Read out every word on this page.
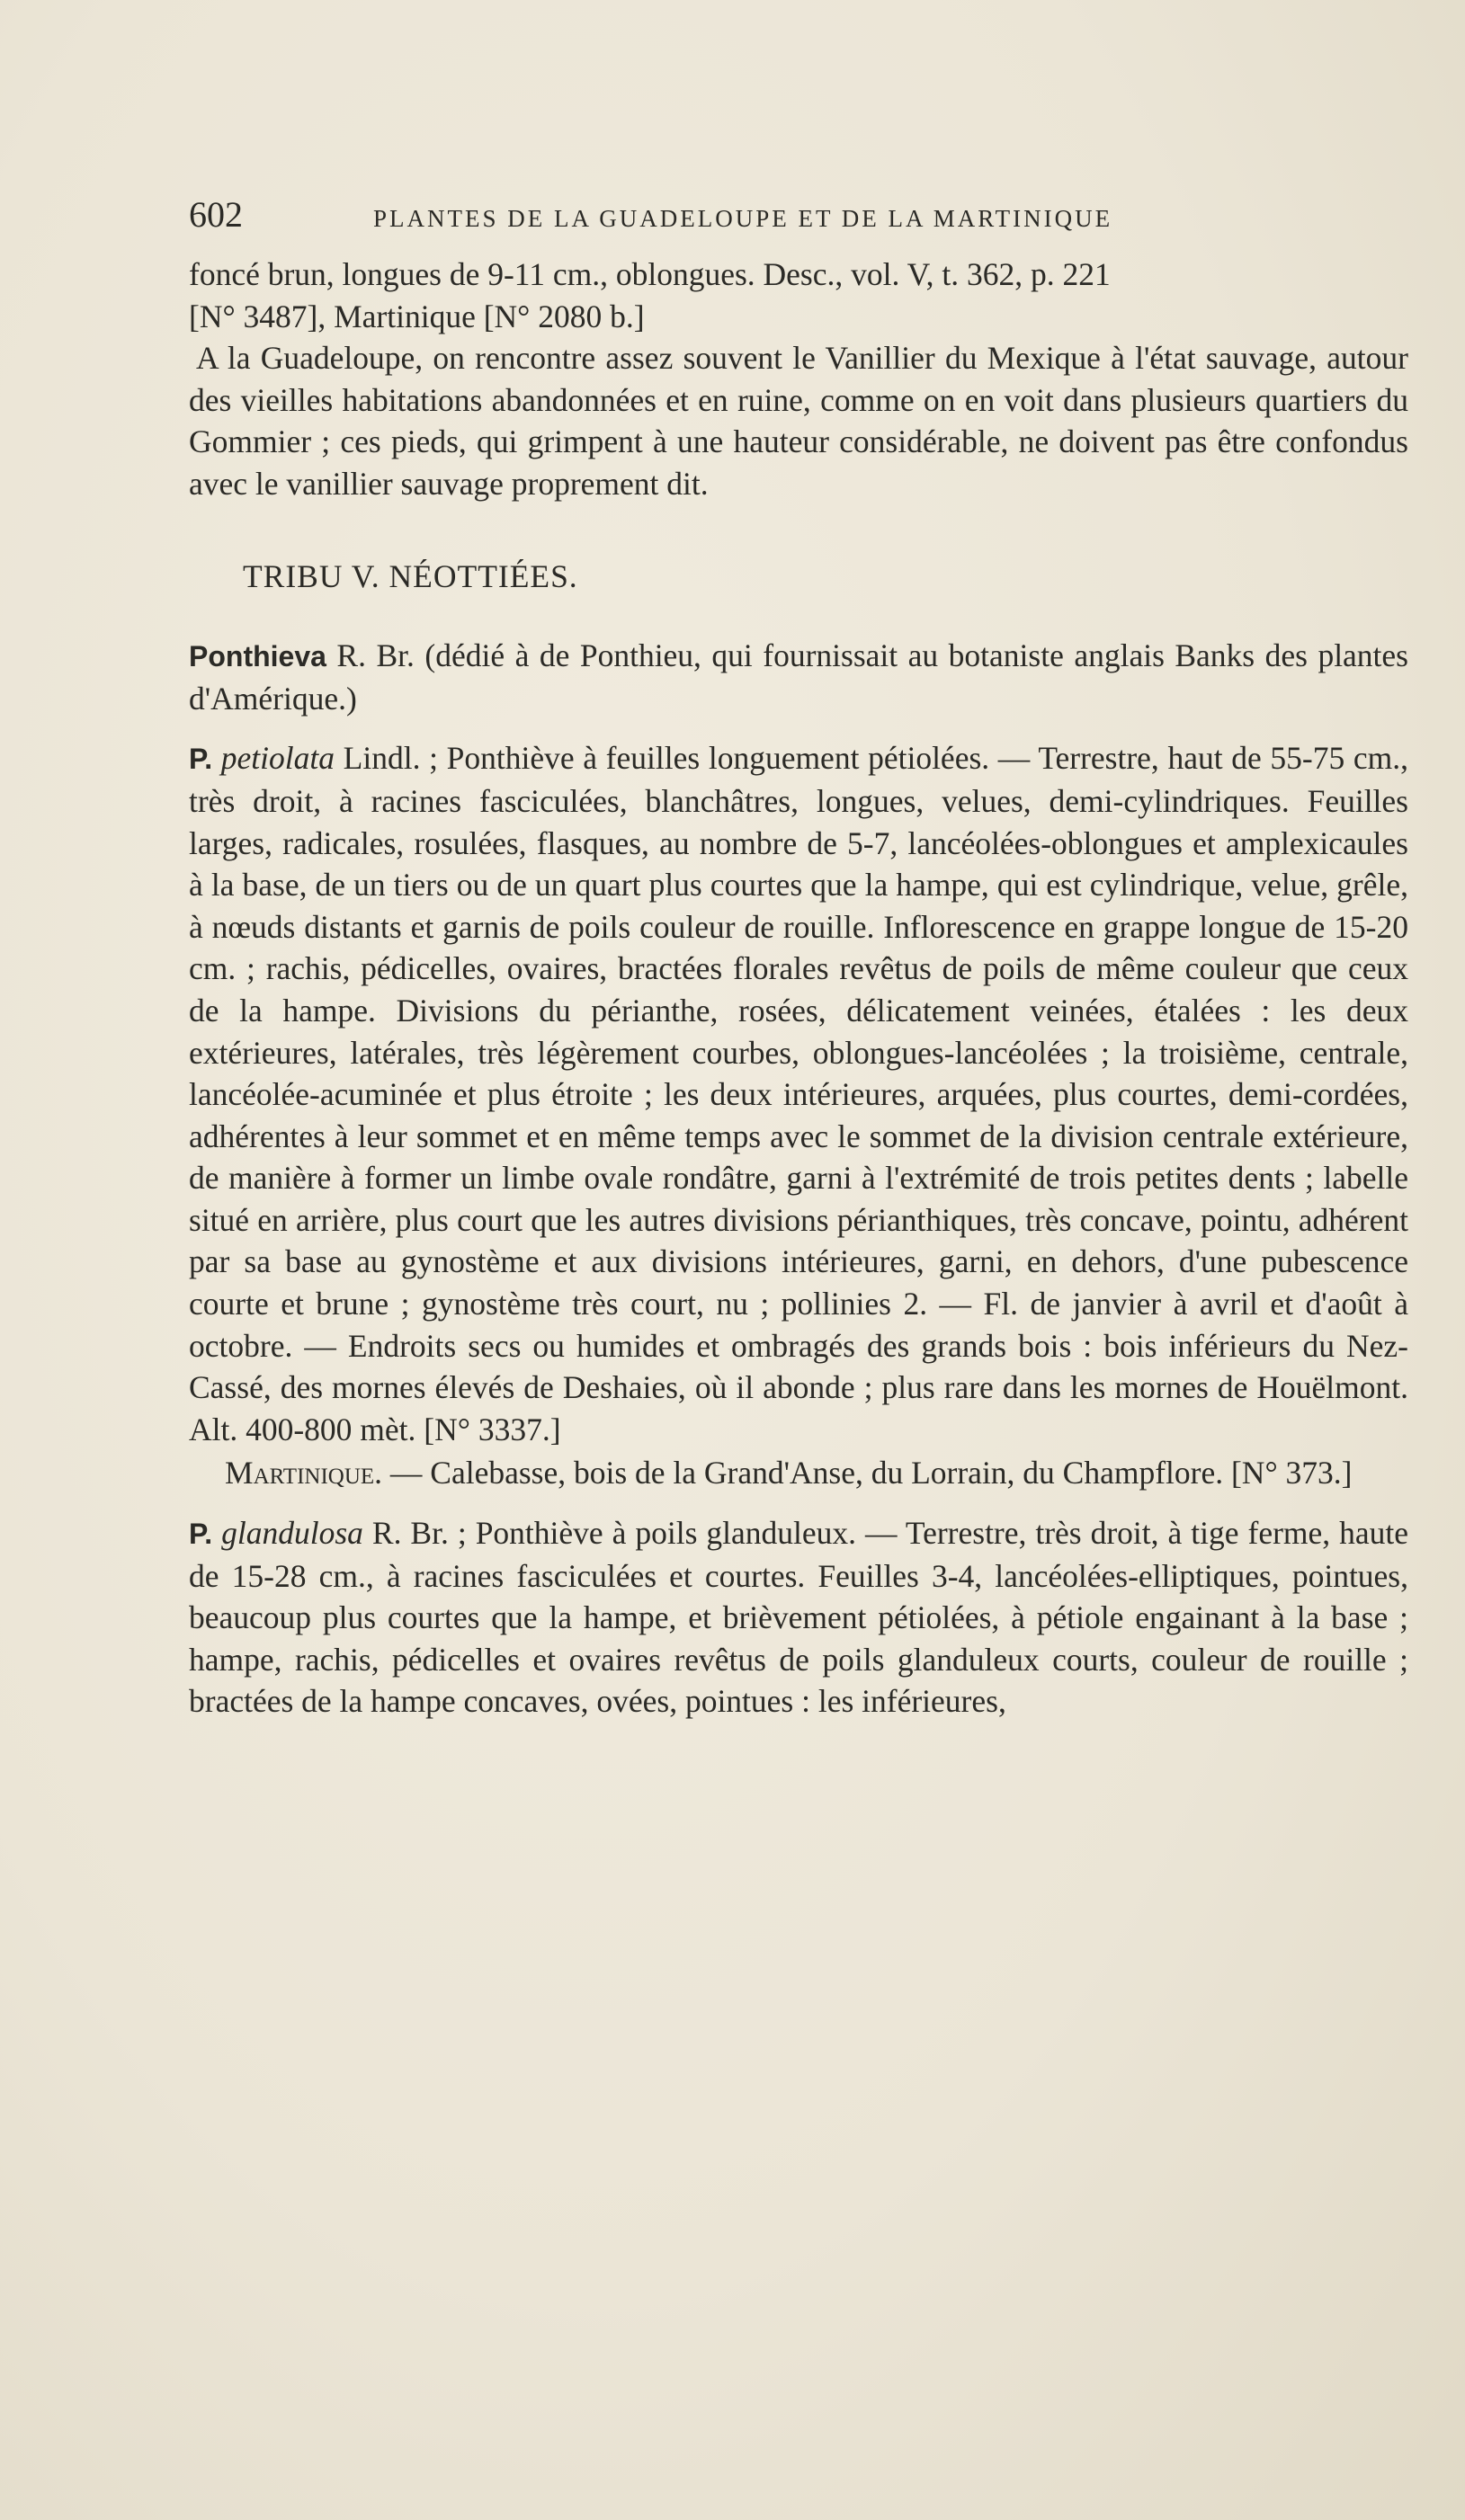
602	PLANTES DE LA GUADELOUPE ET DE LA MARTINIQUE

foncé brun, longues de 9-11 cm., oblongues. Desc., vol. V, t. 362, p. 221
[N° 3487], Martinique [N° 2080 b.]

A la Guadeloupe, on rencontre assez souvent le Vanillier du Mexique à l'état sauvage, autour des vieilles habitations abandonnées et en ruine, comme on en voit dans plusieurs quartiers du Gommier ; ces pieds, qui grimpent à une hauteur considérable, ne doivent pas être confondus avec le vanillier sauvage proprement dit.

TRIBU V. NÉOTTIÉES.

Ponthieva R. Br. (dédié à de Ponthieu, qui fournissait au botaniste anglais Banks des plantes d'Amérique.)

P. petiolata Lindl. ; Ponthiève à feuilles longuement pétiolées. — Terrestre, haut de 55-75 cm., très droit, à racines fasciculées, blanchâtres, longues, velues, demi-cylindriques. Feuilles larges, radicales, rosulées, flasques, au nombre de 5-7, lancéolées-oblongues et amplexicaules à la base, de un tiers ou de un quart plus courtes que la hampe, qui est cylindrique, velue, grêle, à nœuds distants et garnis de poils couleur de rouille. Inflorescence en grappe longue de 15-20 cm. ; rachis, pédicelles, ovaires, bractées florales revêtus de poils de même couleur que ceux de la hampe. Divisions du périanthe, rosées, délicatement veinées, étalées : les deux extérieures, latérales, très légèrement courbes, oblongues-lancéolées ; la troisième, centrale, lancéolée-acuminée et plus étroite ; les deux intérieures, arquées, plus courtes, demi-cordées, adhérentes à leur sommet et en même temps avec le sommet de la division centrale extérieure, de manière à former un limbe ovale rondâtre, garni à l'extrémité de trois petites dents ; labelle situé en arrière, plus court que les autres divisions périanthiques, très concave, pointu, adhérent par sa base au gynostème et aux divisions intérieures, garni, en dehors, d'une pubescence courte et brune ; gynostème très court, nu ; pollinies 2. — Fl. de janvier à avril et d'août à octobre. — Endroits secs ou humides et ombragés des grands bois : bois inférieurs du Nez-Cassé, des mornes élevés de Deshaies, où il abonde ; plus rare dans les mornes de Houëlmont. Alt. 400-800 mèt. [N° 3337.]

Martinique. — Calebasse, bois de la Grand'Anse, du Lorrain, du Champflore. [N° 373.]

P. glandulosa R. Br. ; Ponthiève à poils glanduleux. — Terrestre, très droit, à tige ferme, haute de 15-28 cm., à racines fasciculées et courtes. Feuilles 3-4, lancéolées-elliptiques, pointues, beaucoup plus courtes que la hampe, et brièvement pétiolées, à pétiole engainant à la base ; hampe, rachis, pédicelles et ovaires revêtus de poils glanduleux courts, couleur de rouille ; bractées de la hampe concaves, ovées, pointues : les inférieures,
